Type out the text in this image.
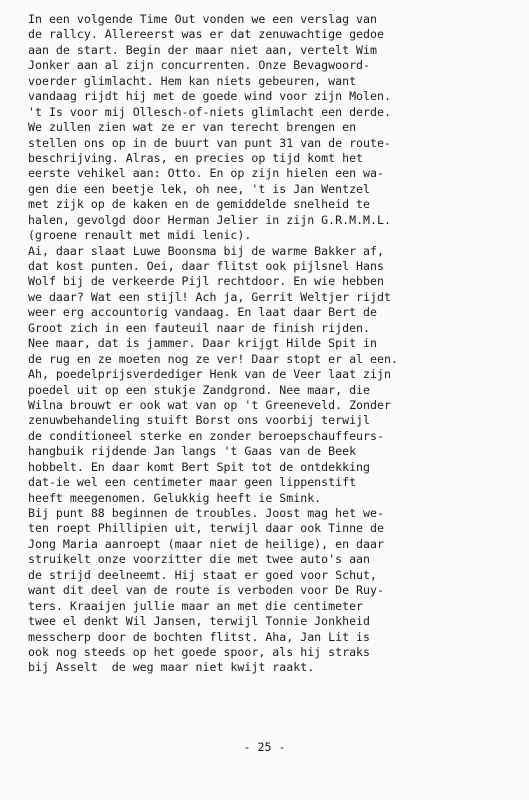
In een volgende Time Out vonden we een verslag van
de rallcy. Allereerst was er dat zenuwachtige gedoe
aan de start. Begin der maar niet aan, vertelt Wim
Jonker aan al zijn concurrenten. Onze Bevagwoord-
voerder glimlacht. Hem kan niets gebeuren, want
vandaag rijdt hij met de goede wind voor zijn Molen.
't Is voor mij Ollesch-of-niets glimlacht een derde.
We zullen zien wat ze er van terecht brengen en
stellen ons op in de buurt van punt 31 van de route-
beschrijving. Alras, en precies op tijd komt het
eerste vehikel aan: Otto. En op zijn hielen een wa-
gen die een beetje lek, oh nee, 't is Jan Wentzel
met zijk op de kaken en de gemiddelde snelheid te
halen, gevolgd door Herman Jelier in zijn G.R.M.M.L.
(groene renault met midi lenic).
Ai, daar slaat Luwe Boonsma bij de warme Bakker af,
dat kost punten. Oei, daar flitst ook pijlsnel Hans
Wolf bij de verkeerde Pijl rechtdoor. En wie hebben
we daar? Wat een stijl! Ach ja, Gerrit Weltjer rijdt
weer erg accountorig vandaag. En laat daar Bert de
Groot zich in een fauteuil naar de finish rijden.
Nee maar, dat is jammer. Daar krijgt Hilde Spit in
de rug en ze moeten nog ze ver! Daar stopt er al een.
Ah, poedelprijsverdediger Henk van de Veer laat zijn
poedel uit op een stukje Zandgrond. Nee maar, die
Wilna brouwt er ook wat van op 't Greeneveld. Zonder
zenuwbehandeling stuift Borst ons voorbij terwijl
de conditioneel sterke en zonder beroepschauffeurs-
hangbuik rijdende Jan langs 't Gaas van de Beek
hobbelt. En daar komt Bert Spit tot de ontdekking
dat-ie wel een centimeter maar geen lippenstift
heeft meegenomen. Gelukkig heeft ie Smink.
Bij punt 88 beginnen de troubles. Joost mag het we-
ten roept Phillipien uit, terwijl daar ook Tinne de
Jong Maria aanroept (maar niet de heilige), en daar
struikelt onze voorzitter die met twee auto's aan
de strijd deelneemt. Hij staat er goed voor Schut,
want dit deel van de route is verboden voor De Ruy-
ters. Kraaijen jullie maar an met die centimeter
twee el denkt Wil Jansen, terwijl Tonnie Jonkheid
messcherp door de bochten flitst. Aha, Jan Lit is
ook nog steeds op het goede spoor, als hij straks
bij Asselt  de weg maar niet kwijt raakt.
- 25 -
